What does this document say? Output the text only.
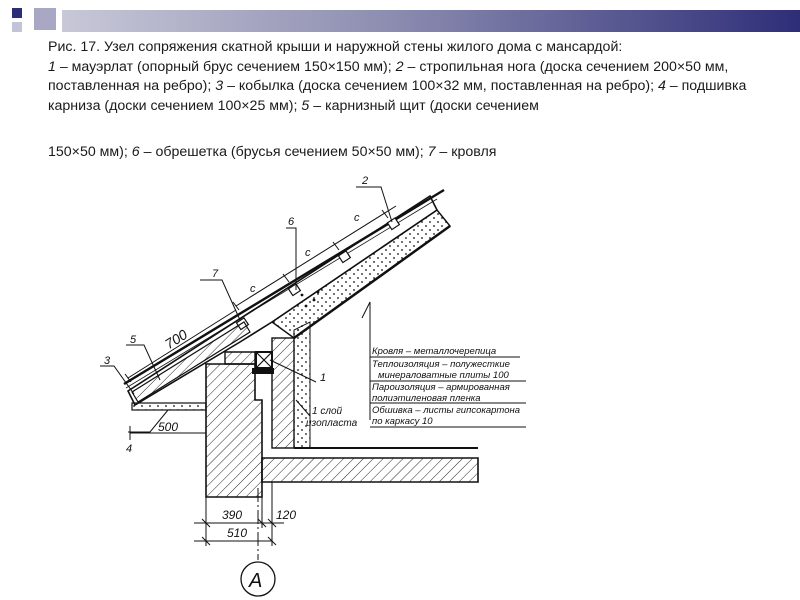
Рис. 17. Узел сопряжения скатной крыши и наружной стены жилого дома с мансардой:

1 – мауэрлат (опорный брус сечением 150×150 мм); 2 – стропильная нога (доска сечением 200×50 мм, поставленная на ребро); 3 – кобылка (доска сечением 100×32 мм, поставленная на ребро); 4 – подшивка карниза (доски сечением 100×25 мм); 5 – карнизный щит (доски сечением

150×50 мм); 6 – обрешетка (брусья сечением 50×50 мм); 7 – кровля

c
c
c
700
2
6
7
5
3
4
1
500
1 слой
изопласта
Кровля – металлочерепица
Теплоизоляция – полужесткие
минераловатные плиты 100
Пароизоляция – армированная
полиэтиленовая пленка
Обшивка – листы гипсокартона
по каркасу 10
390	120
510
А
